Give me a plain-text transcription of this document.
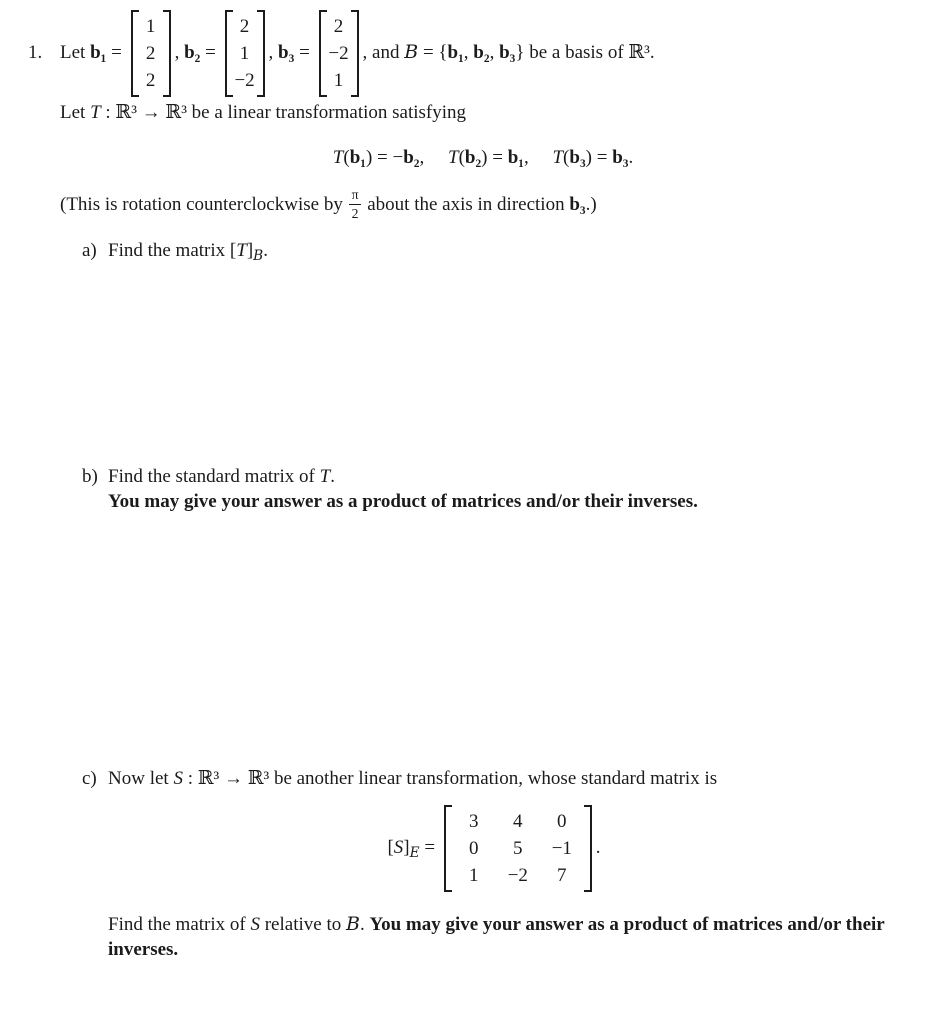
1. Let b₁ =
1
2
2
, b₂ =
2
1
−2
, b₃ =
2
−2
1
, and B = {b₁, b₂, b₃} be a basis of ℝ³.
Let T : ℝ³ → ℝ³ be a linear transformation satisfying
T(b₁) = −b₂,  T(b₂) = b₁,  T(b₃) = b₃.
(This is rotation counterclockwise by $\frac{\pi}{2}$ about the axis in direction b₃.)
a) Find the matrix $[T]_B$.
b) Find the standard matrix of T.
You may give your answer as a product of matrices and/or their inverses.
c) Now let S : ℝ³ → ℝ³ be another linear transformation, whose standard matrix is
$[S]_E$ =
3	4	0
0	5	−1
1	−2	7
.
Find the matrix of S relative to B. You may give your answer as a product of matrices and/or their inverses.
